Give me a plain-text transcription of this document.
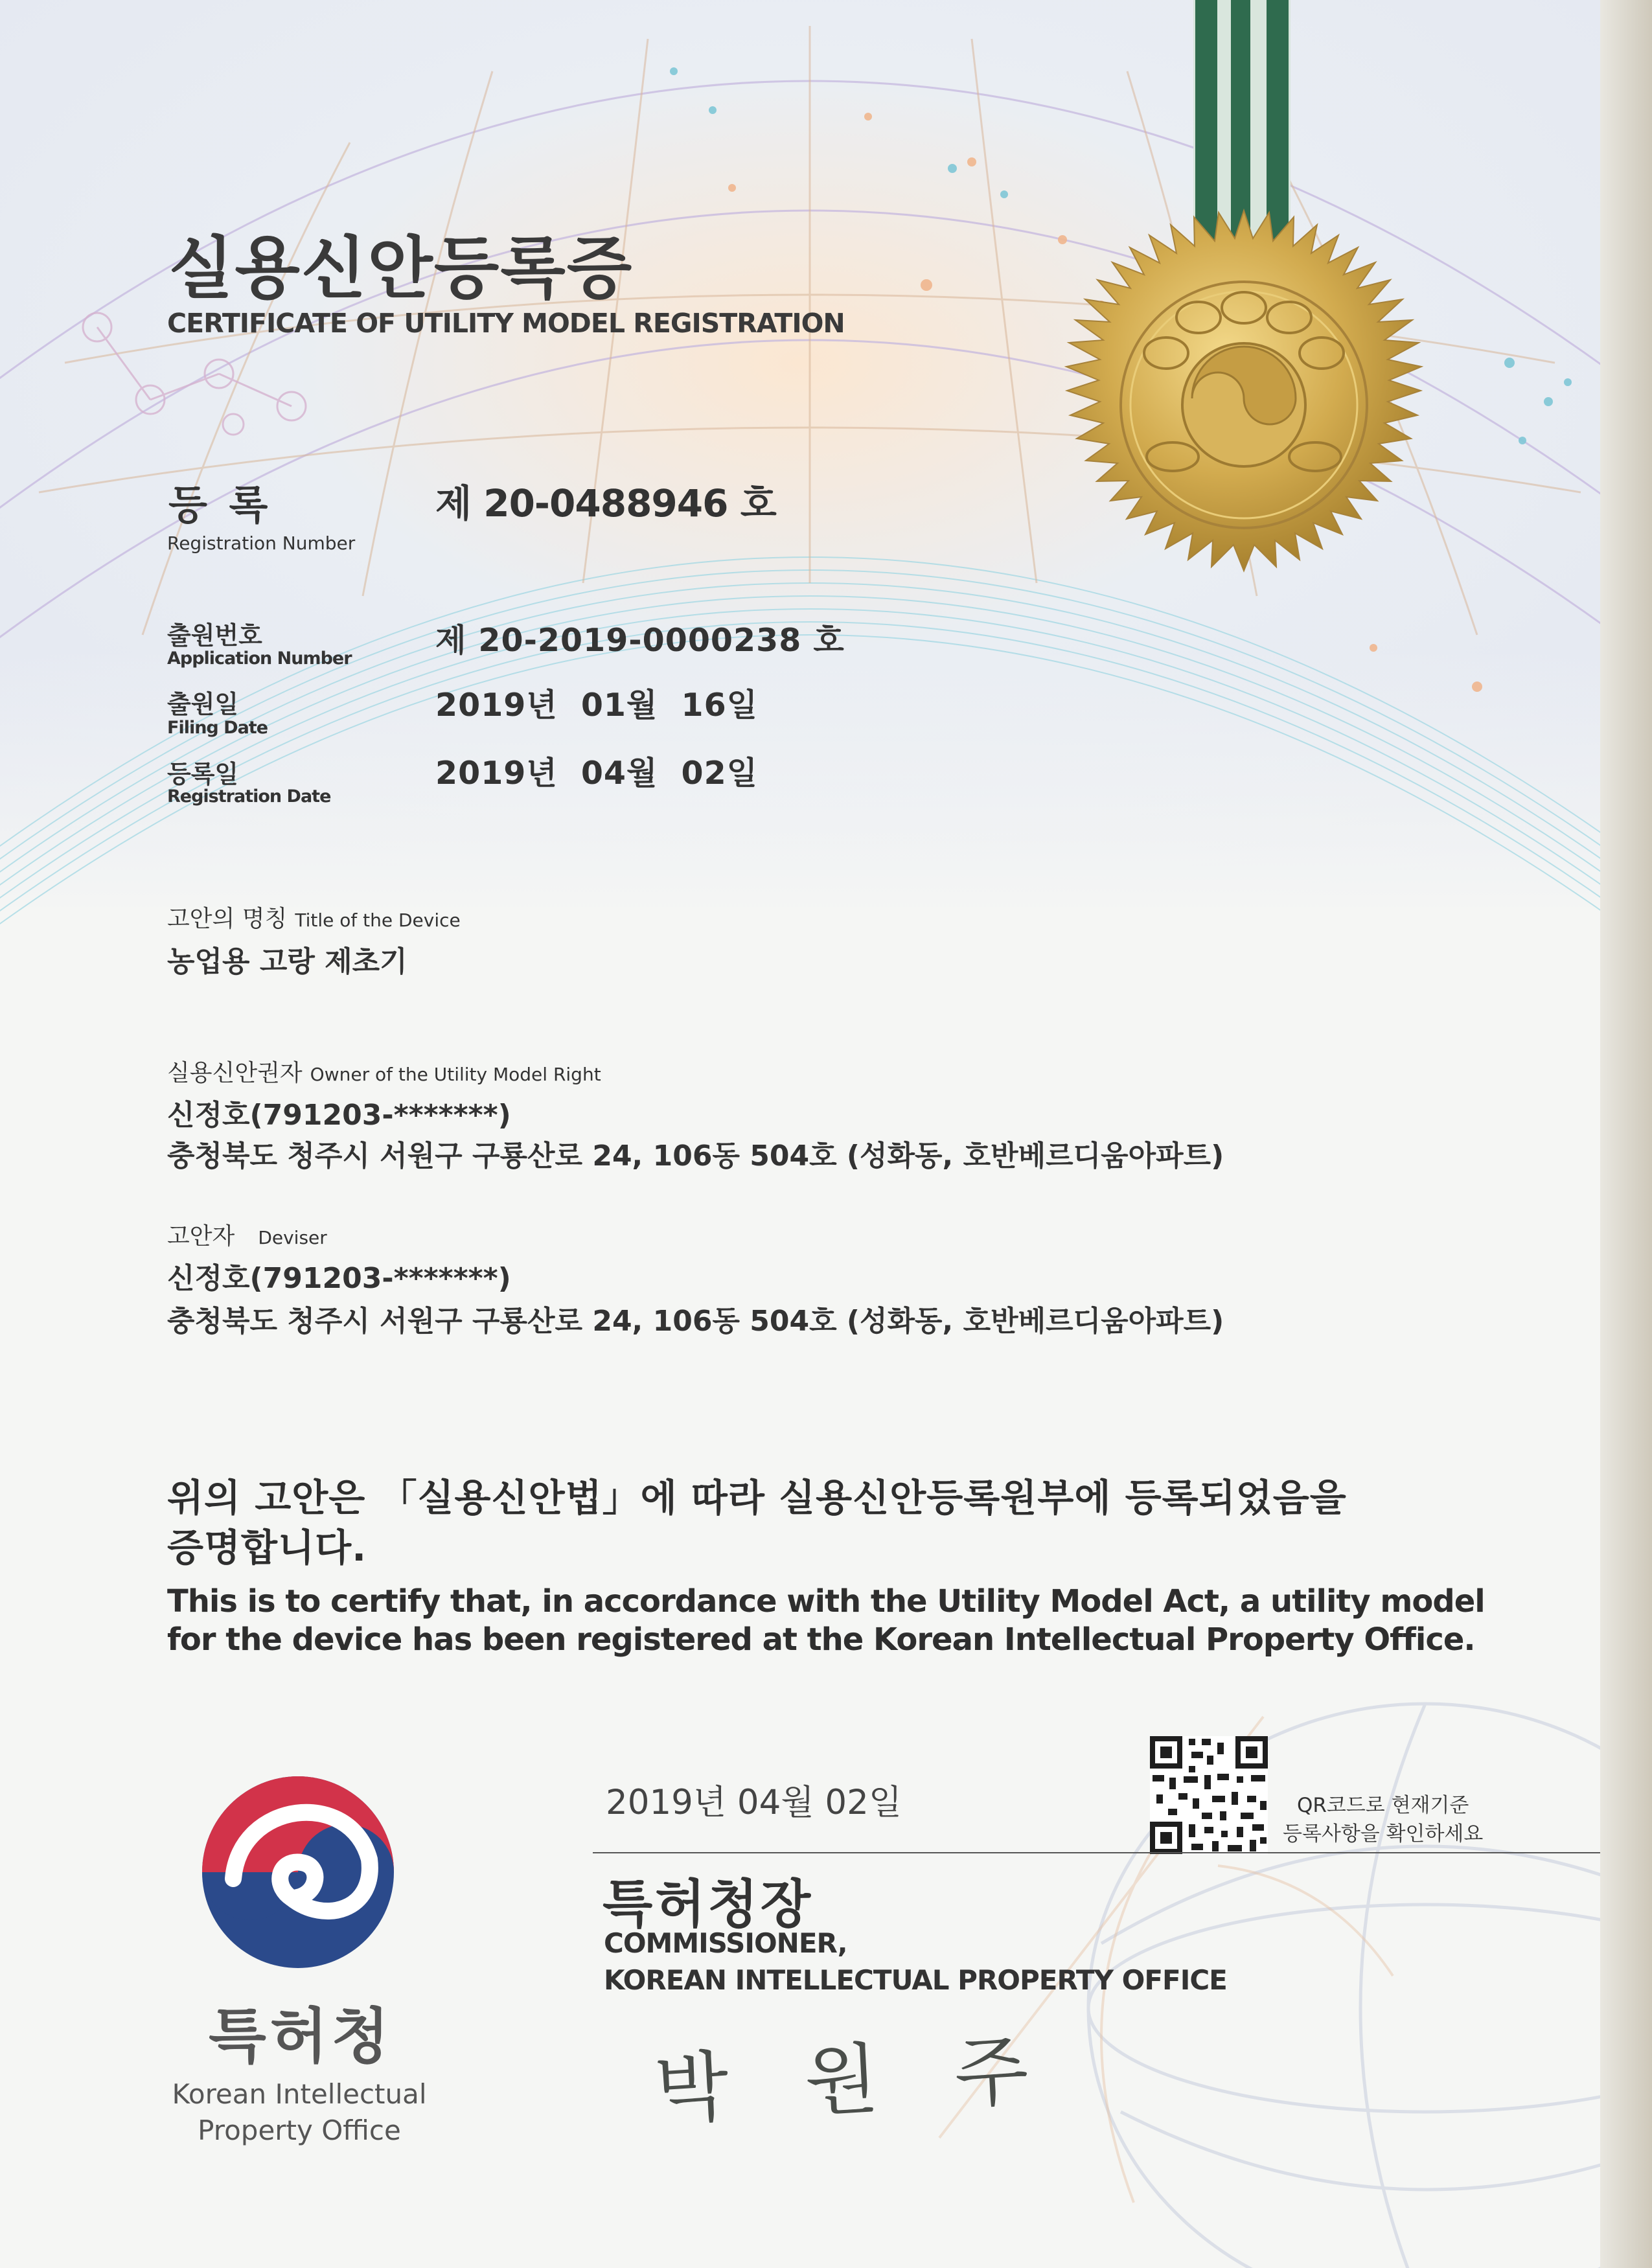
실용신안등록증
CERTIFICATE OF UTILITY MODEL REGISTRATION
등 록
Registration Number
제 20-0488946 호
출원번호
Application Number	제 20-2019-0000238 호
출원일
Filing Date
2019년  01월  16일
등록일
Registration Date
2019년  04월  02일
고안의 명칭 Title of the Device
농업용 고랑 제초기
실용신안권자 Owner of the Utility Model Right
신정호(791203-*******)
충청북도 청주시 서원구 구룡산로 24, 106동 504호 (성화동, 호반베르디움아파트)
고안자 Deviser
신정호(791203-*******)
충청북도 청주시 서원구 구룡산로 24, 106동 504호 (성화동, 호반베르디움아파트)
위의 고안은 「실용신안법」에 따라 실용신안등록원부에 등록되었음을
증명합니다.
This is to certify that, in accordance with the Utility Model Act, a utility model
for the device has been registered at the Korean Intellectual Property Office.
2019년 04월 02일	QR코드로 현재기준
등록사항을 확인하세요
특허청장
COMMISSIONER,
KOREAN INTELLECTUAL PROPERTY OFFICE
박 원 주
특허청
Korean Intellectual
Property Office
